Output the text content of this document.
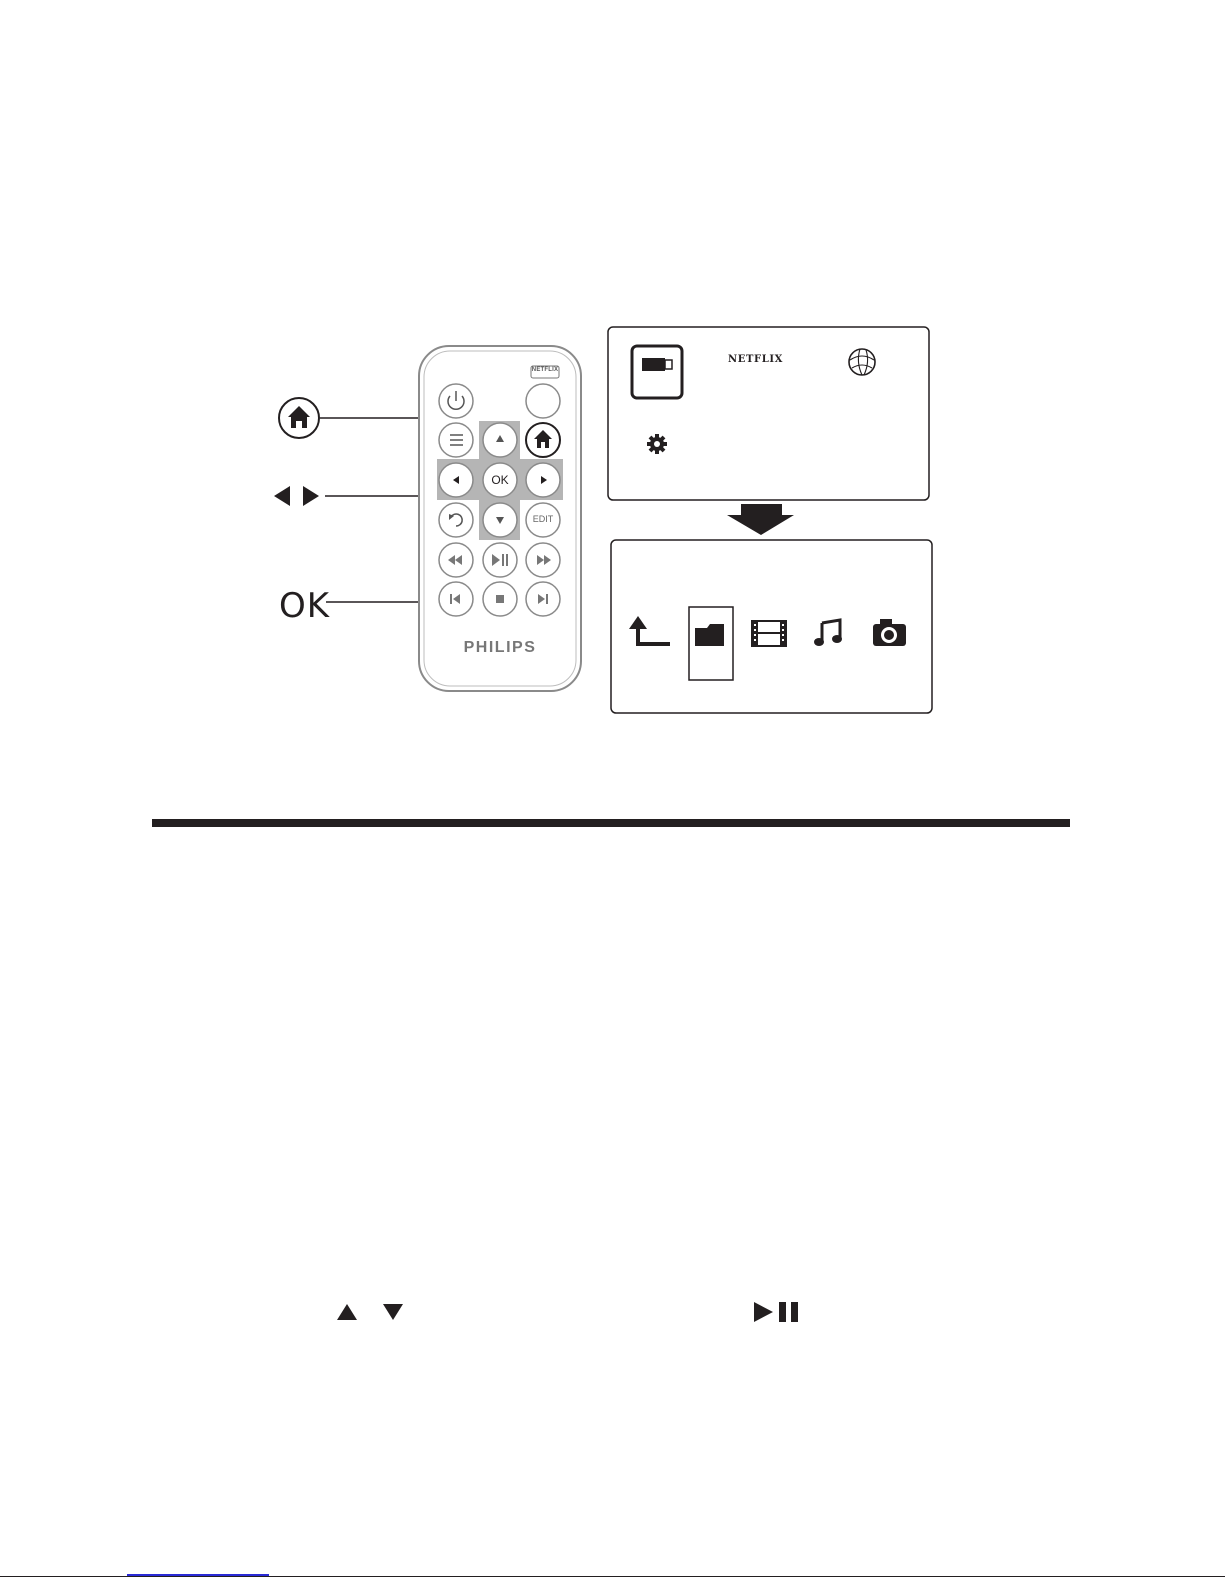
NETFLIX
OK
EDIT
PHILIPS
NETFLIX
OK
